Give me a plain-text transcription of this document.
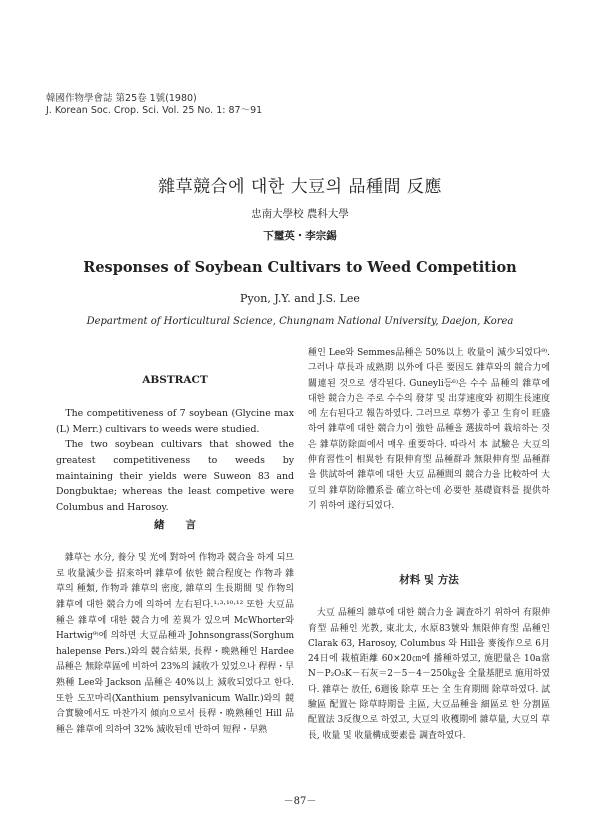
韓國作物學會誌 第25卷 1號(1980)
J. Korean Soc. Crop. Sci. Vol. 25 No. 1: 87～91
雜草競合에 대한 大豆의 品種間 反應
忠南大學校 農科大學
下璽英・李宗錫
Responses of Soybean Cultivars to Weed Competition
Pyon, J.Y. and J.S. Lee
Department of Horticultural Science, Chungnam National University, Daejon, Korea
ABSTRACT

The competitiveness of 7 soybean (Glycine max (L) Merr.) cultivars to weeds were studied.

The two soybean cultivars that showed the greatest competitiveness to weeds by maintaining their yields were Suweon 83 and Dongbuktae; whereas the least competive were Columbus and Harosoy.

緖　　言

雜草는 水分, 養分 및 光에 對하여 作物과 競合을 하게 되므로 收量減少를 招來하며 雜草에 依한 競合程度는 作物과 雜草의 種類, 作物과 雜草의 密度, 雜草의 生長期間 및 作物의 雜草에 대한 競合力에 의하여 左右된다.¹·³·¹⁰·¹² 또한 大豆品種은 雜草에 대한 競合力에 差異가 있으며 McWhorter와 Hartwig⁹⁾에 의하면 大豆品種과 Johnsongrass(Sorghum halepense Pers.)와의 競合結果, 長稈・晩熟種인 Hardee 品種은 無除草區에 비하여 23%의 減收가 있었으나 稈稈・早熟種 Lee와 Jackson 品種은 40%以上 減收되었다고 한다. 또한 도꼬마리(Xanthium pensylvanicum Wallr.)와의 競合實驗에서도 마찬가지 傾向으로서 長稈・晩熟種인 Hill 品種은 雜草에 의하여 32% 減收된데 반하여 短稈・早熟

種인 Lee와 Semmes品種은 50%以上 收量이 減少되었다⁹⁾. 그러나 草長과 成熟期 以外에 다른 要因도 雜草와의 競合力에 關連된 것으로 생각된다. Guneyli등⁶⁾은 수수 品種의 雜草에 대한 競合力은 주로 수수의 發芽 및 出芽速度와 初期生長速度에 左右된다고 報告하였다. 그러므로 草勢가 좋고 生育이 旺盛하여 雜草에 대한 競合力이 強한 品種을 選拔하여 栽培하는 것은 雜草防除面에서 매우 重要하다. 따라서 本 試驗은 大豆의 伸育習性이 相異한 有限伸育型 品種群과 無限伸育型 品種群을 供試하여 雜草에 대한 大豆 品種間의 競合力을 比較하여 大豆의 雜草防除體系를 確立하는데 必要한 基礎資料를 提供하기 위하여 遂行되었다.

材料 및 方法

大豆 品種의 雜草에 대한 競合力을 調査하기 위하여 有限伸育型 品種인 光教, 東北太, 水原83號와 無限伸育型 品種인 Clarak 63, Harosoy, Columbus 와 Hill을 麥後作으로 6月 24日에 栽植距離 60×20㎝에 播種하였고, 施肥量은 10a當 N－P₂O₅K－石灰＝2－5－4－250㎏을 全量基肥로 施用하였다. 雜草는 放任, 6週後 除草 또는 全 生育期間 除草하였다. 試驗區 配置는 除草時期를 主區, 大豆品種을 細區로 한 分割區配置法 3反復으로 하였고, 大豆의 收穫期에 雜草量, 大豆의 草長, 收量 및 收量構成要素를 調査하였다.

－87－
